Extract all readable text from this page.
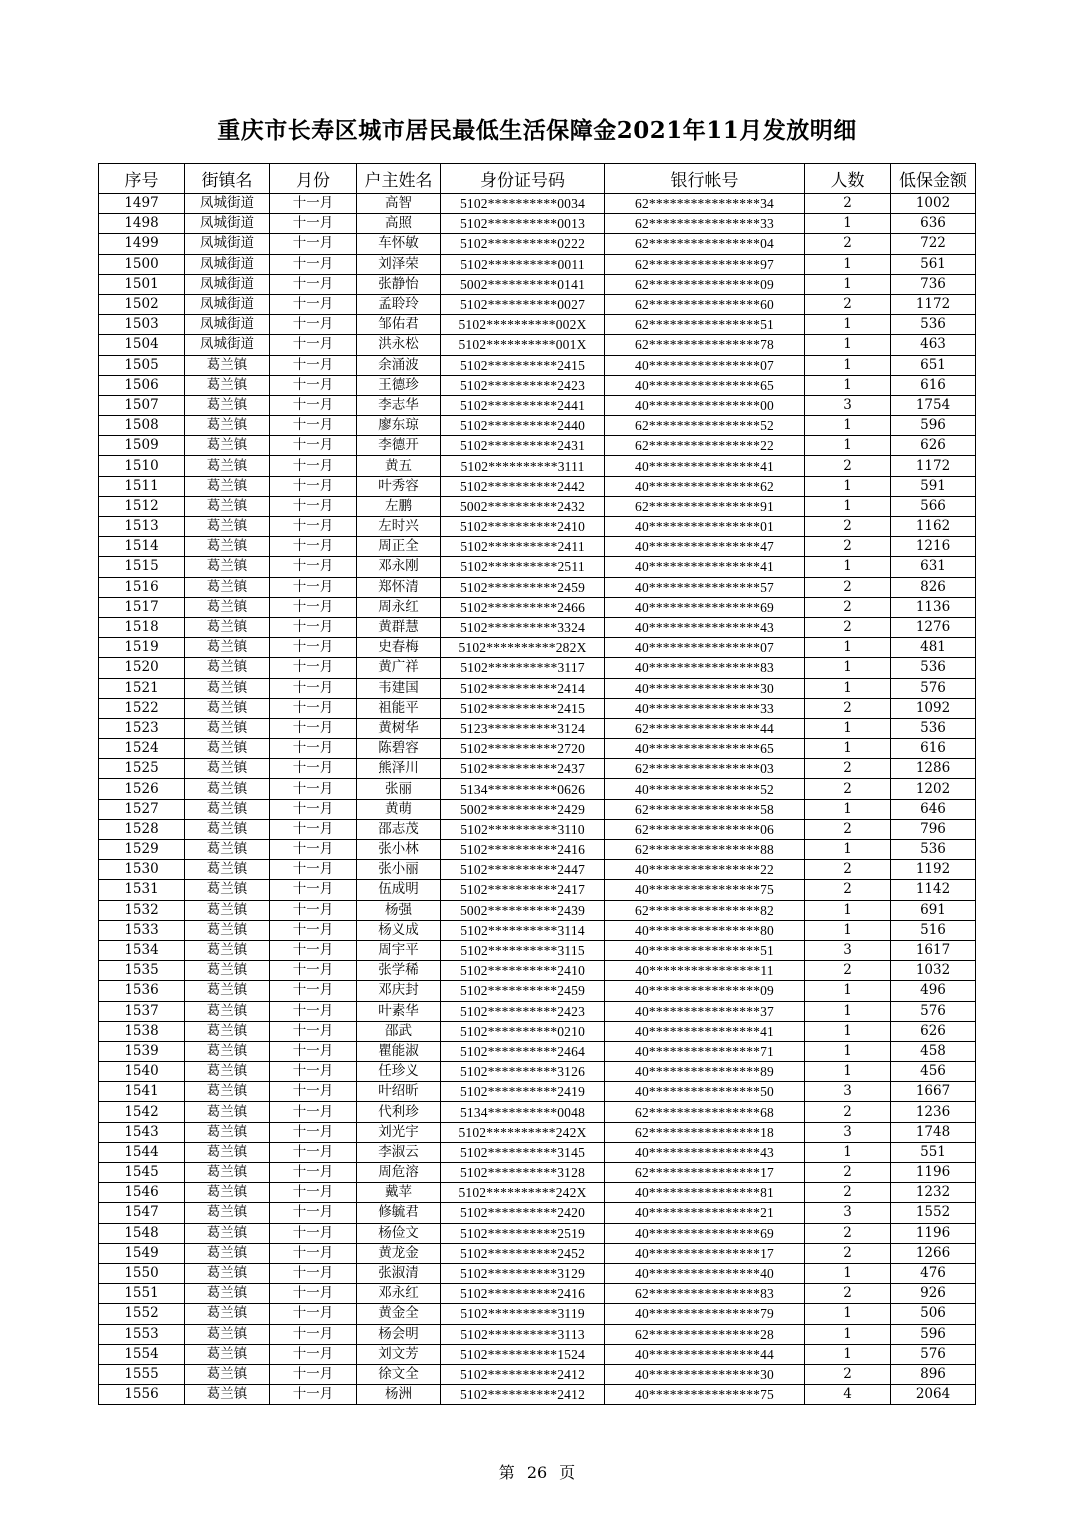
重庆市长寿区城市居民最低生活保障金2021年11月发放明细
序号	街镇名	月份	户主姓名	身份证号码	银行帐号	人数	低保金额
1497	凤城街道	十一月	高智	5102**********0034	62****************34	2	1002
1498	凤城街道	十一月	高照	5102**********0013	62****************33	1	636
1499	凤城街道	十一月	车怀敏	5102**********0222	62****************04	2	722
1500	凤城街道	十一月	刘泽荣	5102**********0011	62****************97	1	561
1501	凤城街道	十一月	张静怡	5002**********0141	62****************09	1	736
1502	凤城街道	十一月	孟聆玲	5102**********0027	62****************60	2	1172
1503	凤城街道	十一月	邹佑君	5102**********002X	62****************51	1	536
1504	凤城街道	十一月	洪永松	5102**********001X	62****************78	1	463
1505	葛兰镇	十一月	余涌波	5102**********2415	40****************07	1	651
1506	葛兰镇	十一月	王德珍	5102**********2423	40****************65	1	616
1507	葛兰镇	十一月	李志华	5102**********2441	40****************00	3	1754
1508	葛兰镇	十一月	廖东琼	5102**********2440	62****************52	1	596
1509	葛兰镇	十一月	李德开	5102**********2431	62****************22	1	626
1510	葛兰镇	十一月	黄五	5102**********3111	40****************41	2	1172
1511	葛兰镇	十一月	叶秀容	5102**********2442	40****************62	1	591
1512	葛兰镇	十一月	左鹏	5002**********2432	62****************91	1	566
1513	葛兰镇	十一月	左时兴	5102**********2410	40****************01	2	1162
1514	葛兰镇	十一月	周正全	5102**********2411	40****************47	2	1216
1515	葛兰镇	十一月	邓永刚	5102**********2511	40****************41	1	631
1516	葛兰镇	十一月	郑怀清	5102**********2459	40****************57	2	826
1517	葛兰镇	十一月	周永红	5102**********2466	40****************69	2	1136
1518	葛兰镇	十一月	黄群慧	5102**********3324	40****************43	2	1276
1519	葛兰镇	十一月	史春梅	5102**********282X	40****************07	1	481
1520	葛兰镇	十一月	黄广祥	5102**********3117	40****************83	1	536
1521	葛兰镇	十一月	韦建国	5102**********2414	40****************30	1	576
1522	葛兰镇	十一月	祖能平	5102**********2415	40****************33	2	1092
1523	葛兰镇	十一月	黄树华	5123**********3124	62****************44	1	536
1524	葛兰镇	十一月	陈碧容	5102**********2720	40****************65	1	616
1525	葛兰镇	十一月	熊泽川	5102**********2437	62****************03	2	1286
1526	葛兰镇	十一月	张丽	5134**********0626	40****************52	2	1202
1527	葛兰镇	十一月	黄萌	5002**********2429	62****************58	1	646
1528	葛兰镇	十一月	邵志茂	5102**********3110	62****************06	2	796
1529	葛兰镇	十一月	张小林	5102**********2416	62****************88	1	536
1530	葛兰镇	十一月	张小丽	5102**********2447	40****************22	2	1192
1531	葛兰镇	十一月	伍成明	5102**********2417	40****************75	2	1142
1532	葛兰镇	十一月	杨强	5002**********2439	62****************82	1	691
1533	葛兰镇	十一月	杨义成	5102**********3114	40****************80	1	516
1534	葛兰镇	十一月	周宇平	5102**********3115	40****************51	3	1617
1535	葛兰镇	十一月	张学稀	5102**********2410	40****************11	2	1032
1536	葛兰镇	十一月	邓庆封	5102**********2459	40****************09	1	496
1537	葛兰镇	十一月	叶素华	5102**********2423	40****************37	1	576
1538	葛兰镇	十一月	邵武	5102**********0210	40****************41	1	626
1539	葛兰镇	十一月	瞿能淑	5102**********2464	40****************71	1	458
1540	葛兰镇	十一月	任珍义	5102**********3126	40****************89	1	456
1541	葛兰镇	十一月	叶绍昕	5102**********2419	40****************50	3	1667
1542	葛兰镇	十一月	代利珍	5134**********0048	62****************68	2	1236
1543	葛兰镇	十一月	刘光宇	5102**********242X	62****************18	3	1748
1544	葛兰镇	十一月	李淑云	5102**********3145	40****************43	1	551
1545	葛兰镇	十一月	周危溶	5102**********3128	62****************17	2	1196
1546	葛兰镇	十一月	戴苹	5102**********242X	40****************81	2	1232
1547	葛兰镇	十一月	修毓君	5102**********2420	40****************21	3	1552
1548	葛兰镇	十一月	杨俭文	5102**********2519	40****************69	2	1196
1549	葛兰镇	十一月	黄龙金	5102**********2452	40****************17	2	1266
1550	葛兰镇	十一月	张淑清	5102**********3129	40****************40	1	476
1551	葛兰镇	十一月	邓永红	5102**********2416	62****************83	2	926
1552	葛兰镇	十一月	黄金全	5102**********3119	40****************79	1	506
1553	葛兰镇	十一月	杨会明	5102**********3113	62****************28	1	596
1554	葛兰镇	十一月	刘文芳	5102**********1524	40****************44	1	576
1555	葛兰镇	十一月	徐文全	5102**********2412	40****************30	2	896
1556	葛兰镇	十一月	杨洲	5102**********2412	40****************75	4	2064
第 26 页
